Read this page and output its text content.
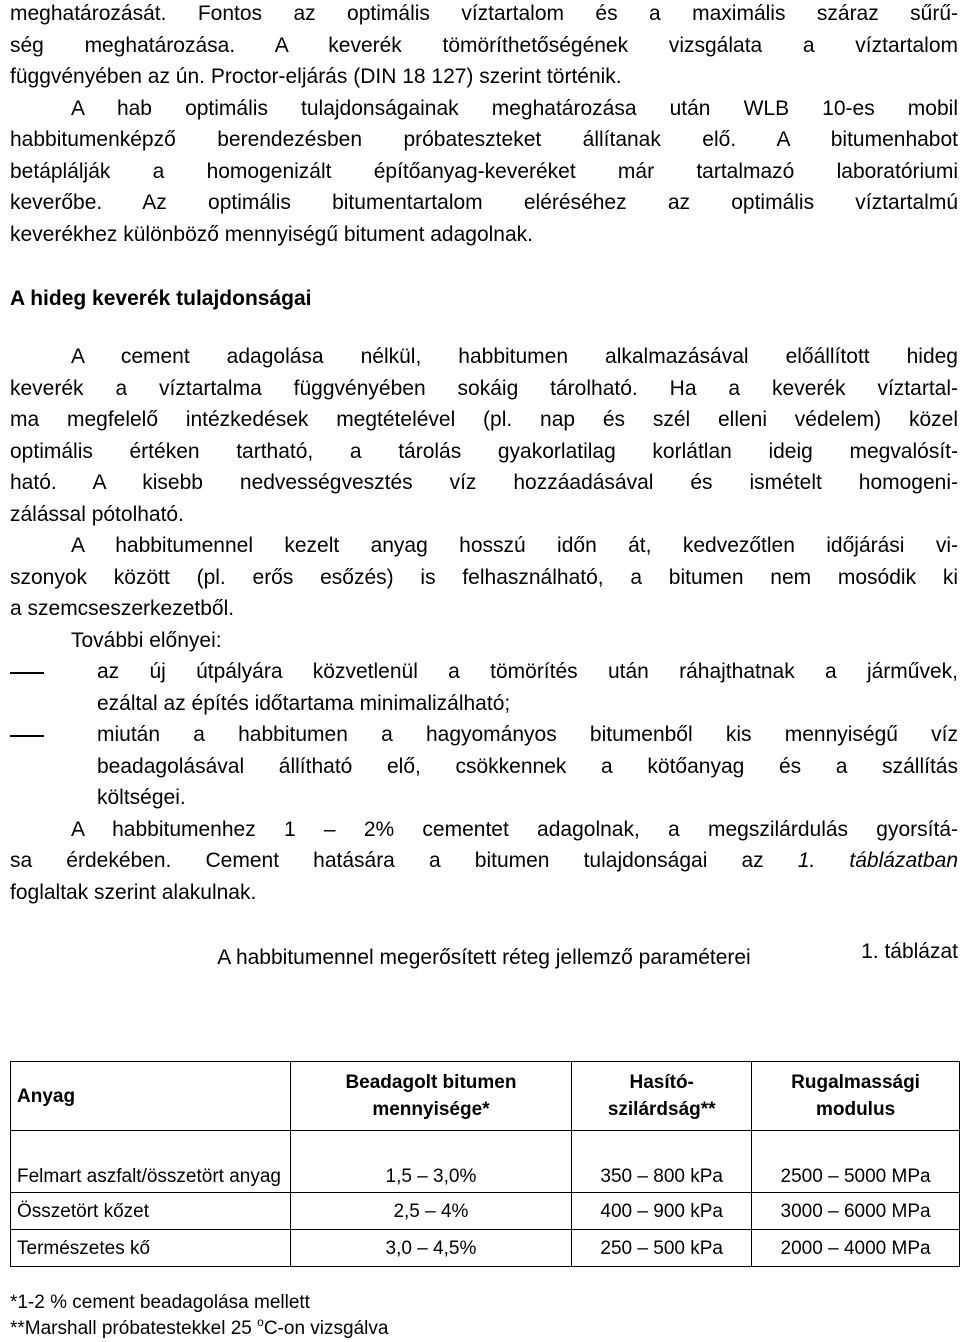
meghatározását. Fontos az optimális víztartalom és a maximális száraz sűrű-
ség meghatározása. A keverék tömöríthetőségének vizsgálata a víztartalom
függvényében az ún. Proctor-eljárás (DIN 18 127) szerint történik.
A hab optimális tulajdonságainak meghatározása után WLB 10-es mobil
habbitumenképző berendezésben próbateszteket állítanak elő. A bitumenhabot
betáplálják a homogenizált építőanyag-keveréket már tartalmazó laboratóriumi
keverőbe. Az optimális bitumentartalom eléréséhez az optimális víztartalmú
keverékhez különböző mennyiségű bitument adagolnak.
A hideg keverék tulajdonságai
A cement adagolása nélkül, habbitumen alkalmazásával előállított hideg
keverék a víztartalma függvényében sokáig tárolható. Ha a keverék víztartal-
ma megfelelő intézkedések megtételével (pl. nap és szél elleni védelem) közel
optimális értéken tartható, a tárolás gyakorlatilag korlátlan ideig megvalósít-
ható. A kisebb nedvességvesztés víz hozzáadásával és ismételt homogeni-
zálással pótolható.
A habbitumennel kezelt anyag hosszú időn át, kedvezőtlen időjárási vi-
szonyok között (pl. erős esőzés) is felhasználható, a bitumen nem mosódik ki
a szemcseszerkezetből.
További előnyei:
az új útpályára közvetlenül a tömörítés után ráhajthatnak a járművek,
ezáltal az építés időtartama minimalizálható;
miután a habbitumen a hagyományos bitumenből kis mennyiségű víz
beadagolásával állítható elő, csökkennek a kötőanyag és a szállítás
költségei.
A habbitumenhez 1 – 2% cementet adagolnak, a megszilárdulás gyorsítá-
sa érdekében. Cement hatására a bitumen tulajdonságai az 1. táblázatban
foglaltak szerint alakulnak.
1. táblázat
A habbitumennel megerősített réteg jellemző paraméterei
Anyag	Beadagolt bitumen mennyisége*	Hasító-szilárdság**	Rugalmassági modulus
Felmart aszfalt/összetört anyag	1,5 – 3,0%	350 – 800 kPa	2500 – 5000 MPa
Összetört kőzet	2,5 – 4%	400 – 900 kPa	3000 – 6000 MPa
Természetes kő	3,0 – 4,5%	250 – 500 kPa	2000 – 4000 MPa
*1-2 % cement beadagolása mellett
**Marshall próbatestekkel 25 $^o$C-on vizsgálva
